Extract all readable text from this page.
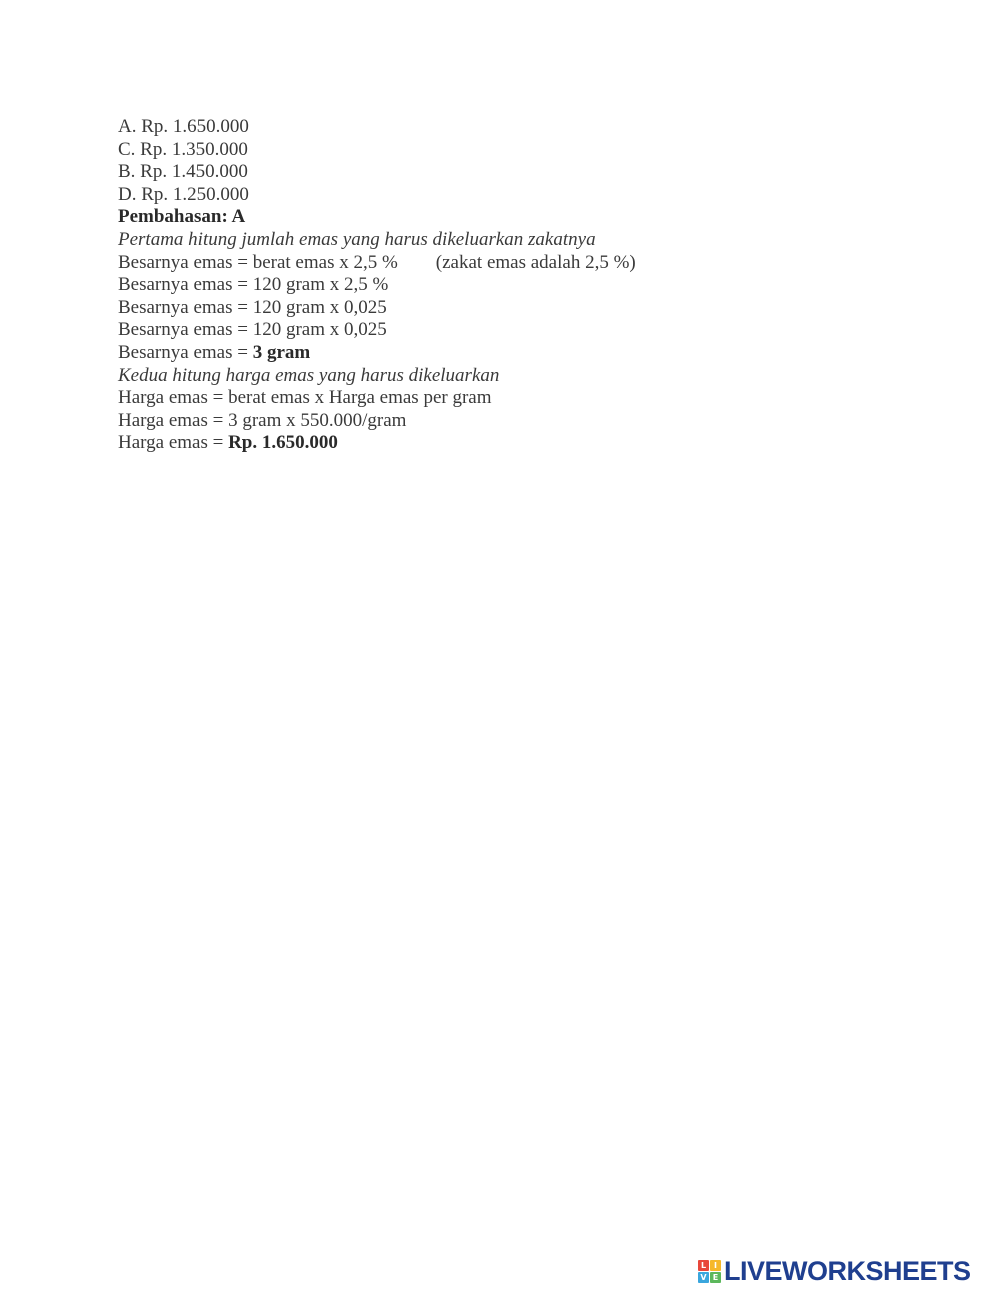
A. Rp. 1.650.000
C. Rp. 1.350.000
B. Rp. 1.450.000
D. Rp. 1.250.000
Pembahasan: A
Pertama hitung jumlah emas yang harus dikeluarkan zakatnya
Besarnya emas = berat emas x 2,5 % (zakat emas adalah 2,5 %)
Besarnya emas = 120 gram x 2,5 %
Besarnya emas = 120 gram x 0,025
Besarnya emas = 120 gram x 0,025
Besarnya emas = 3 gram
Kedua hitung harga emas yang harus dikeluarkan
Harga emas = berat emas x Harga emas per gram
Harga emas = 3 gram x 550.000/gram
Harga emas = Rp. 1.650.000
L I
V E LIVEWORKSHEETS
